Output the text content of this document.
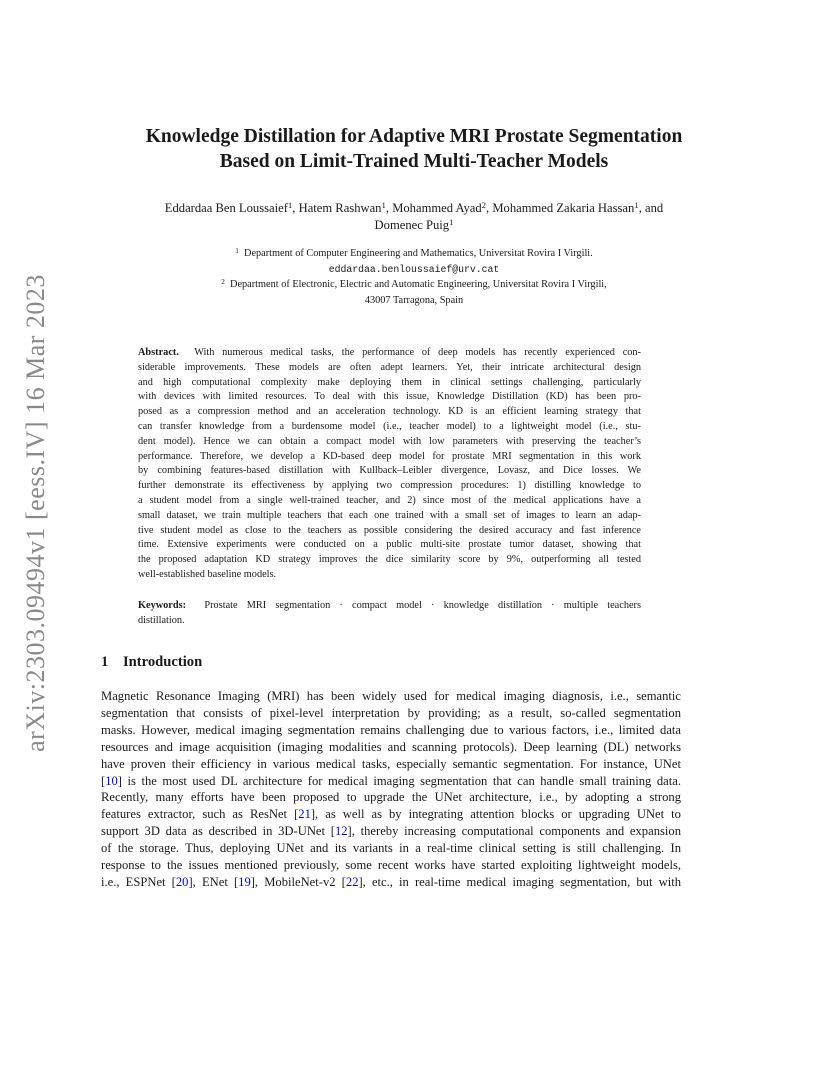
arXiv:2303.09494v1 [eess.IV] 16 Mar 2023
Knowledge Distillation for Adaptive MRI Prostate Segmentation
Based on Limit-Trained Multi-Teacher Models
Eddardaa Ben Loussaief$^1$, Hatem Rashwan$^1$, Mohammed Ayad$^2$, Mohammed Zakaria Hassan$^1$, and
Domenec Puig$^1$
$^1$ Department of Computer Engineering and Mathematics, Universitat Rovira I Virgili.
eddardaa.benloussaief@urv.cat
$^2$ Department of Electronic, Electric and Automatic Engineering, Universitat Rovira I Virgili,
43007 Tarragona, Spain
Abstract. With numerous medical tasks, the performance of deep models has recently experienced con-
siderable improvements. These models are often adept learners. Yet, their intricate architectural design
and high computational complexity make deploying them in clinical settings challenging, particularly
with devices with limited resources. To deal with this issue, Knowledge Distillation (KD) has been pro-
posed as a compression method and an acceleration technology. KD is an efficient learning strategy that
can transfer knowledge from a burdensome model (i.e., teacher model) to a lightweight model (i.e., stu-
dent model). Hence we can obtain a compact model with low parameters with preserving the teacher’s
performance. Therefore, we develop a KD-based deep model for prostate MRI segmentation in this work
by combining features-based distillation with Kullback–Leibler divergence, Lovasz, and Dice losses. We
further demonstrate its effectiveness by applying two compression procedures: 1) distilling knowledge to
a student model from a single well-trained teacher, and 2) since most of the medical applications have a
small dataset, we train multiple teachers that each one trained with a small set of images to learn an adap-
tive student model as close to the teachers as possible considering the desired accuracy and fast inference
time. Extensive experiments were conducted on a public multi-site prostate tumor dataset, showing that
the proposed adaptation KD strategy improves the dice similarity score by 9%, outperforming all tested
well-established baseline models.
Keywords: Prostate MRI segmentation · compact model · knowledge distillation · multiple teachers
distillation.
1 Introduction
Magnetic Resonance Imaging (MRI) has been widely used for medical imaging diagnosis, i.e., semantic
segmentation that consists of pixel-level interpretation by providing; as a result, so-called segmentation
masks. However, medical imaging segmentation remains challenging due to various factors, i.e., limited data
resources and image acquisition (imaging modalities and scanning protocols). Deep learning (DL) networks
have proven their efficiency in various medical tasks, especially semantic segmentation. For instance, UNet
[10] is the most used DL architecture for medical imaging segmentation that can handle small training data.
Recently, many efforts have been proposed to upgrade the UNet architecture, i.e., by adopting a strong
features extractor, such as ResNet [21], as well as by integrating attention blocks or upgrading UNet to
support 3D data as described in 3D-UNet [12], thereby increasing computational components and expansion
of the storage. Thus, deploying UNet and its variants in a real-time clinical setting is still challenging. In
response to the issues mentioned previously, some recent works have started exploiting lightweight models,
i.e., ESPNet [20], ENet [19], MobileNet-v2 [22], etc., in real-time medical imaging segmentation, but with
